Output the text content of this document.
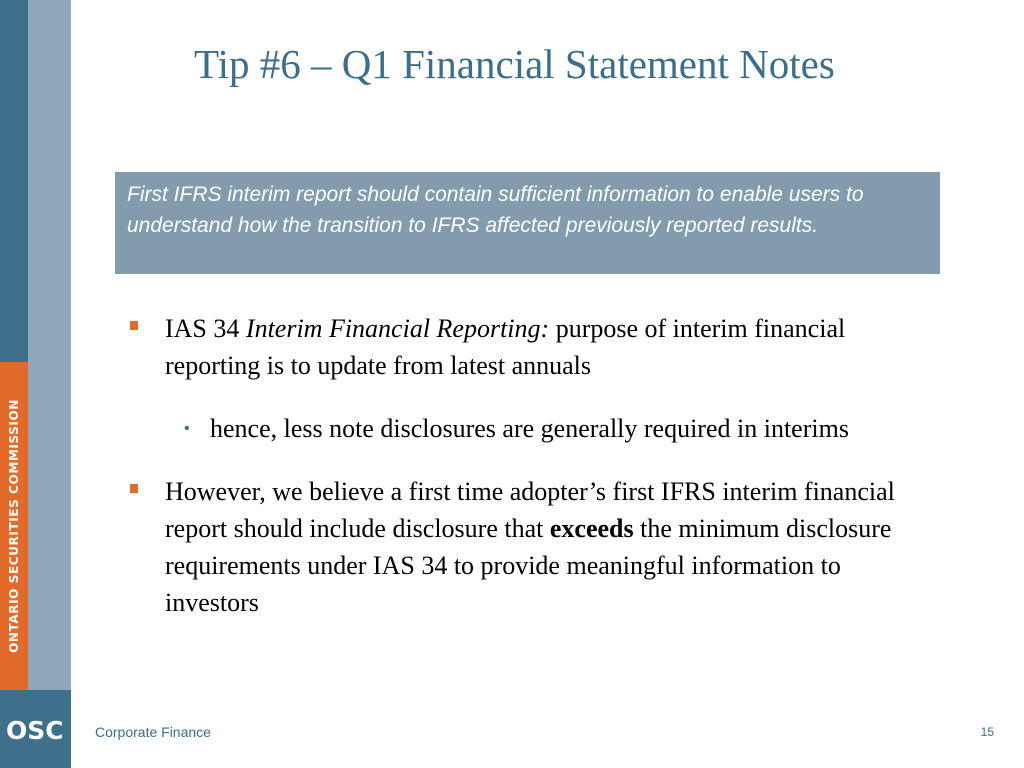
ONTARIO SECURITIES COMMISSION
OSC
Tip #6 – Q1 Financial Statement Notes
First IFRS interim report should contain sufficient information to enable users to understand how the transition to IFRS affected previously reported results.
IAS 34 Interim Financial Reporting: purpose of interim financial reporting is to update from latest annuals
• hence, less note disclosures are generally required in interims
However, we believe a first time adopter’s first IFRS interim financial report should include disclosure that exceeds the minimum disclosure requirements under IAS 34 to provide meaningful information to investors
Corporate Finance	15
